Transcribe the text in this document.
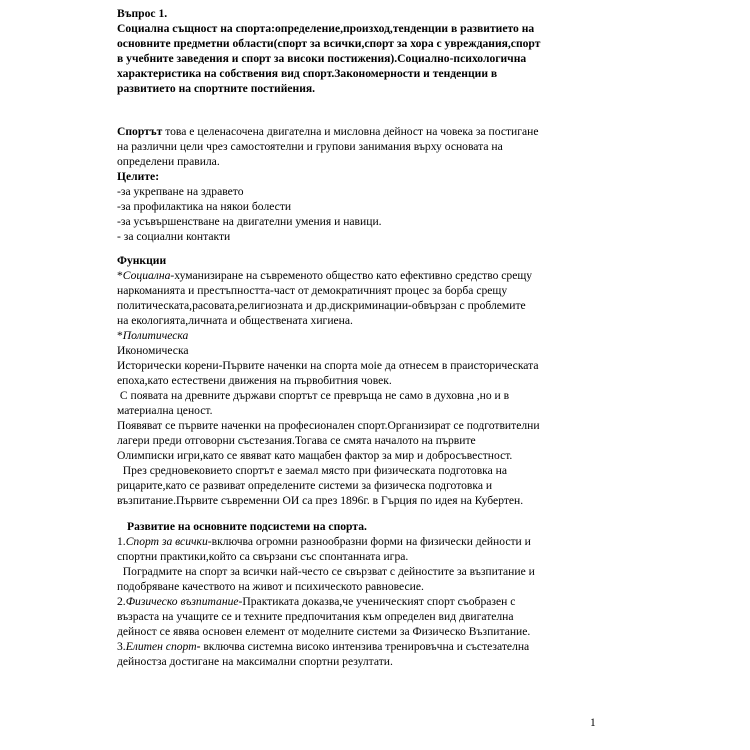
Въпрос 1.
Социална същност на спорта:определение,произход,тенденции в развитието на
основните предметни области(спорт за всички,спорт за хора с увреждания,спорт
в учебните заведения и спорт за високи постижения).Социално-психологична
характеристика на собствения вид спорт.Закономерности и тенденции в
развитието на спортните постийения.
Спортът това е целенасочена двигателна и мисловна дейност на човека за постигане
на различни цели чрез самостоятелни и групови занимания върху основата на
определени правила.
Целите:
-за укрепване на здравето
-за профилактика на някои болести
-за усъвършенстване на двигателни умения и навици.
- за социални контакти
Функции
*Социална-хуманизиране на съвременото общество като ефективно средство срещу
наркоманията и престъпността-част от демократичният процес за борба срещу
политическата,расовата,религиозната и др.дискриминации-обвързан с проблемите
на екологията,личната и обществената хигиена.
*Политическа
Икономическа
Исторически корени-Първите наченки на спорта моіе да отнесем в праисторическата
епоха,като естествени движения на първобитния човек.
С появата на древните държави спортът се превръща не само в духовна ,но и в
материална ценост.
Появяват се първите наченки на професионален спорт.Организират се подготвителни
лагери преди отговорни състезания.Тогава се смята началото на първите
Олимписки игри,като се явяват като мащабен фактор за мир и добросъвестност.
През средновековието спортът е заемал място при физическата подготовка на
рицарите,като се развиват определените системи за физическа подготовка и
възпитание.Първите съвременни ОИ са през 1896г. в Гърция по идея на Кубертен.
Развитие на основните подсистеми на спорта.
1.Спорт за всички-включва огромни разнообразни форми на физически дейности и
спортни практики,който са свързани със спонтанната игра.
Поградмите на спорт за всички най-често се свързват с дейностите за възпитание и
подобряване качеството на живот и психическото равновесие.
2.Физическо възпитание-Практиката доказва,че ученическият спорт съобразен с
възраста на учащите се и техните предпочитания към определен вид двигателна
дейност се явява основен елемент от моделните системи за Физическо Възпитание.
3.Елитен спорт- включва системна високо интензива тренировъчна и състезателна
дейностза достигане на максимални спортни резултати.
1
